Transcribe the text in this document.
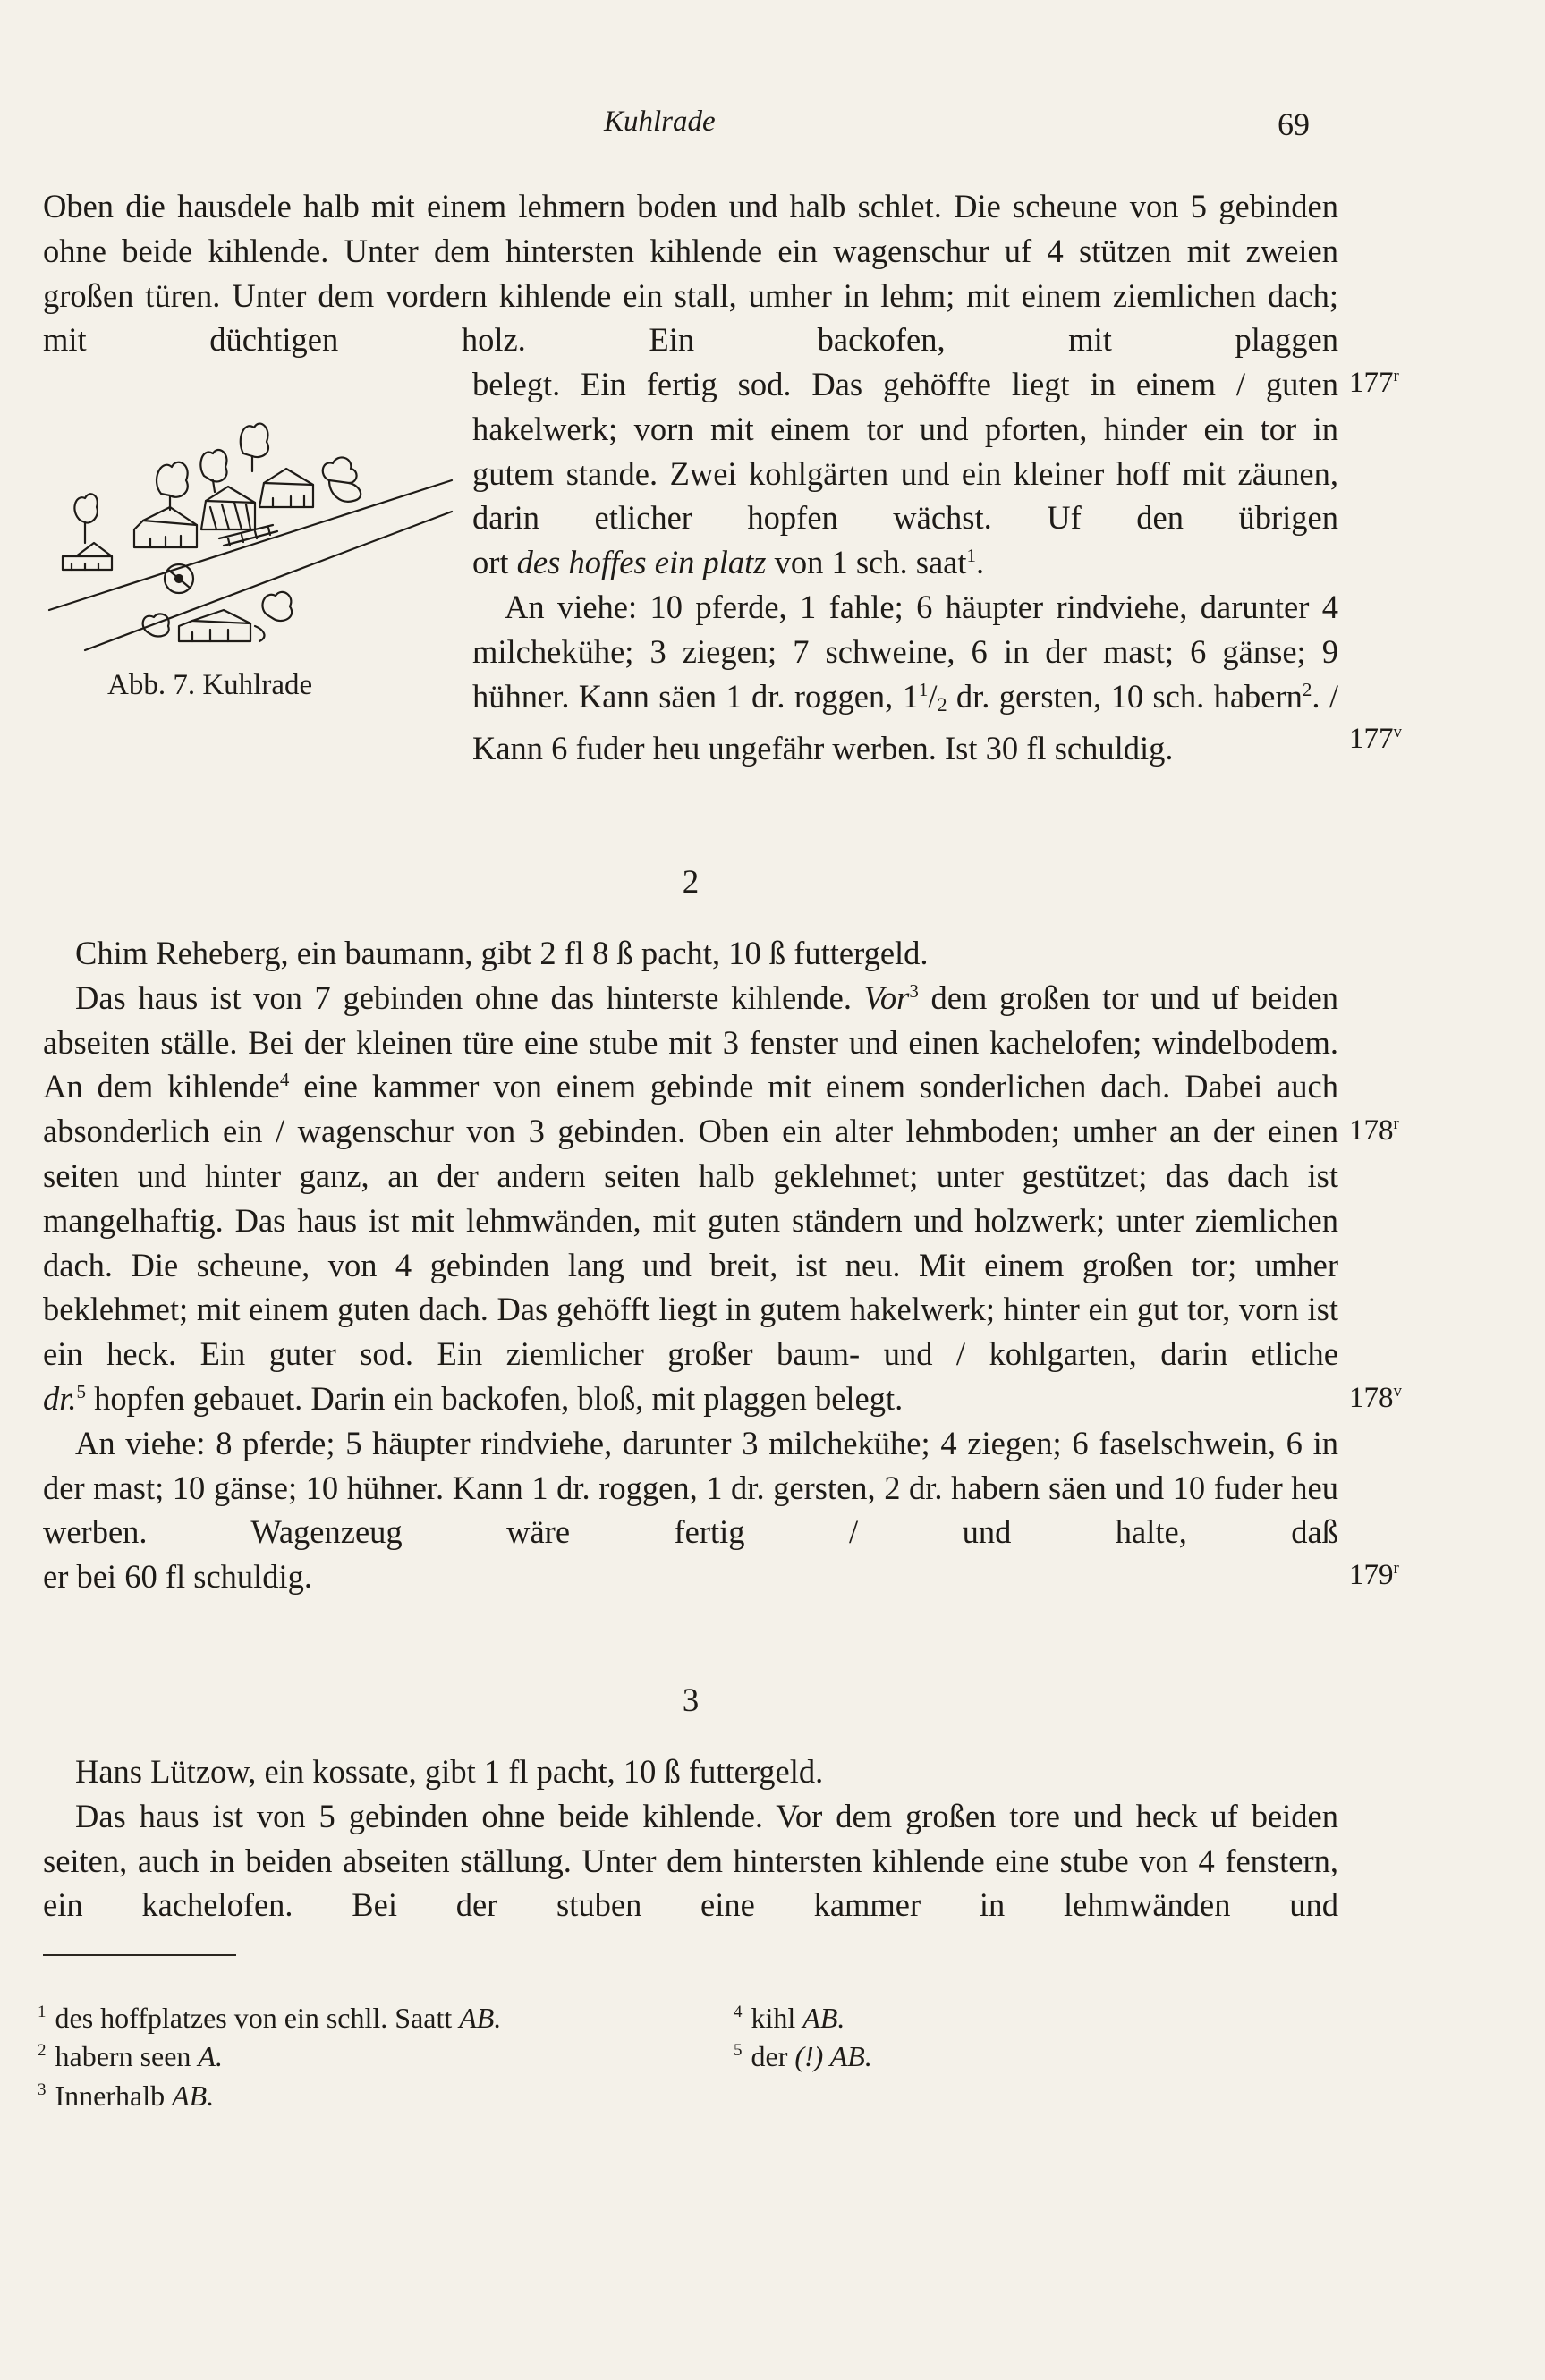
Kuhlrade	69

Oben die hausdele halb mit einem lehmern boden und halb schlet. Die scheune von 5 gebinden ohne beide kihlende. Unter dem hintersten kihlende ein wagenschur uf 4 stützen mit zweien großen türen. Unter dem vordern kihlende ein stall, umher in lehm; mit einem ziemlichen dach; mit düchtigen holz. Ein backofen, mit plaggen

Abb. 7. Kuhlrade

belegt. Ein fertig sod. Das gehöffte liegt in einem / guten hakelwerk; vorn mit einem tor und pforten, hinder ein tor in gutem stande. Zwei kohlgärten und ein kleiner hoff mit zäunen, darin etlicher hopfen wächst. Uf den übrigen

ort des hoffes ein platz von 1 sch. saat$^1$.

An viehe: 10 pferde, 1 fahle; 6 häupter rindviehe, darunter 4 milchekühe; 3 ziegen; 7 schweine, 6 in der mast; 6 gänse; 9 hühner. Kann säen 1 dr. roggen, $1^1/2$ dr. gersten, 10 sch. habern$^2$. / Kann 6 fuder heu ungefähr werben. Ist 30 fl schuldig.

2

Chim Reheberg, ein baumann, gibt 2 fl 8 ß pacht, 10 ß futtergeld.

Das haus ist von 7 gebinden ohne das hinterste kihlende. Vor$^3$ dem großen tor und uf beiden abseiten ställe. Bei der kleinen türe eine stube mit 3 fenster und einen kachelofen; windelbodem. An dem kihlende$^4$ eine kammer von einem gebinde mit einem sonderlichen dach. Dabei auch absonderlich ein / wagenschur von 3 gebinden. Oben ein alter lehmboden; umher an der einen seiten und hinter ganz, an der andern seiten halb geklehmet; unter gestützet; das dach ist mangelhaftig. Das haus ist mit lehmwänden, mit guten ständern und holzwerk; unter ziemlichen dach. Die scheune, von 4 gebinden lang und breit, ist neu. Mit einem großen tor; umher beklehmet; mit einem guten dach. Das gehöfft liegt in gutem hakelwerk; hinter ein gut tor, vorn ist ein heck. Ein guter sod. Ein ziemlicher großer baum- und / kohlgarten, darin etliche

dr.$^5$ hopfen gebauet. Darin ein backofen, bloß, mit plaggen belegt.

An viehe: 8 pferde; 5 häupter rindviehe, darunter 3 milchekühe; 4 ziegen; 6 faselschwein, 6 in der mast; 10 gänse; 10 hühner. Kann 1 dr. roggen, 1 dr. gersten, 2 dr. habern säen und 10 fuder heu werben. Wagenzeug wäre fertig / und halte, daß

er bei 60 fl schuldig.

3

Hans Lützow, ein kossate, gibt 1 fl pacht, 10 ß futtergeld.

Das haus ist von 5 gebinden ohne beide kihlende. Vor dem großen tore und heck uf beiden seiten, auch in beiden abseiten ställung. Unter dem hintersten kihlende eine stube von 4 fenstern, ein kachelofen. Bei der stuben eine kammer in lehmwänden und

177$^r$
177$^v$
178$^r$
178$^v$
179$^r$
$^1$ des hoffplatzes von ein schll. Saatt AB.
$^2$ habern seen A.
$^3$ Innerhalb AB.
$^4$ kihl AB.
$^5$ der (!) AB.
